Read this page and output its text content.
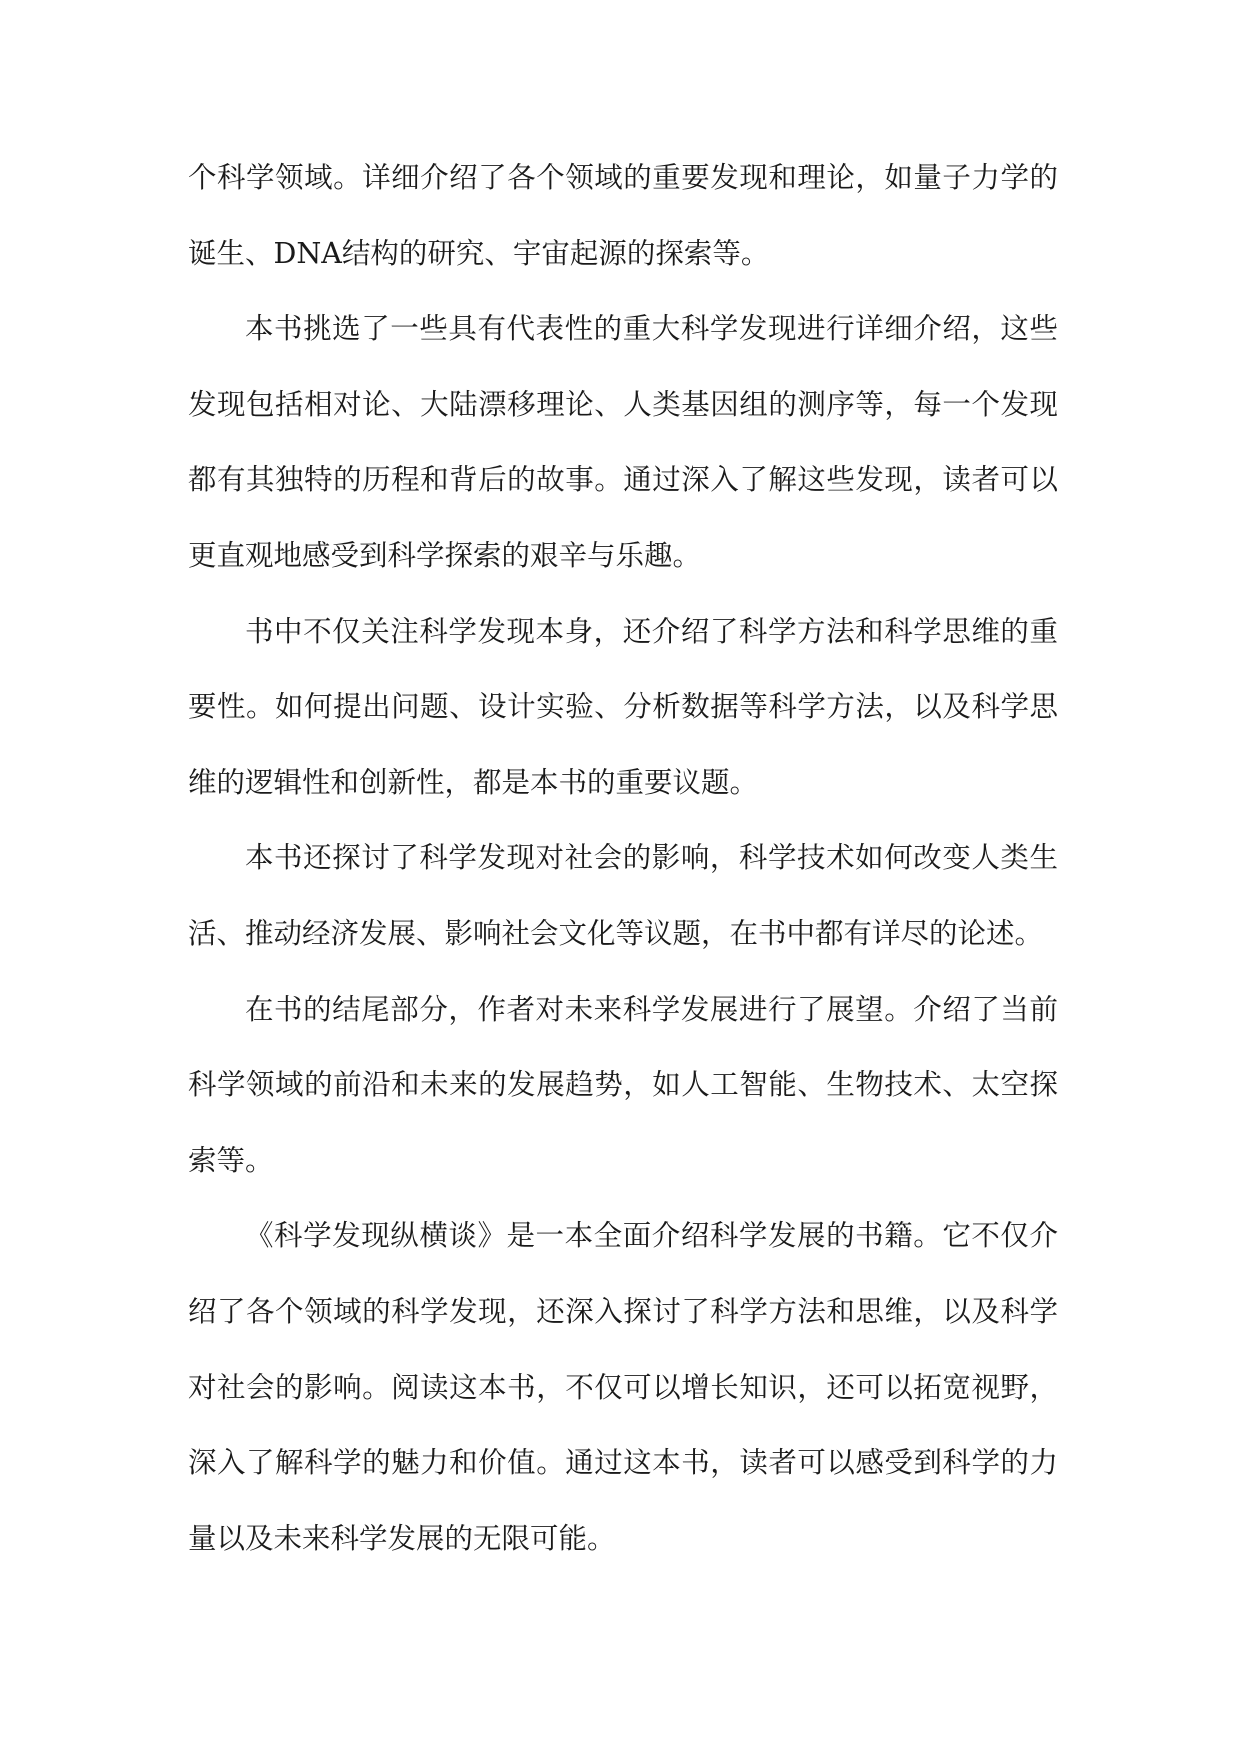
个科学领域。详细介绍了各个领域的重要发现和理论，如量子力学的诞生、DNA结构的研究、宇宙起源的探索等。

本书挑选了一些具有代表性的重大科学发现进行详细介绍，这些发现包括相对论、大陆漂移理论、人类基因组的测序等，每一个发现都有其独特的历程和背后的故事。通过深入了解这些发现，读者可以更直观地感受到科学探索的艰辛与乐趣。

书中不仅关注科学发现本身，还介绍了科学方法和科学思维的重要性。如何提出问题、设计实验、分析数据等科学方法，以及科学思维的逻辑性和创新性，都是本书的重要议题。

本书还探讨了科学发现对社会的影响，科学技术如何改变人类生活、推动经济发展、影响社会文化等议题，在书中都有详尽的论述。

在书的结尾部分，作者对未来科学发展进行了展望。介绍了当前科学领域的前沿和未来的发展趋势，如人工智能、生物技术、太空探索等。

《科学发现纵横谈》是一本全面介绍科学发展的书籍。它不仅介绍了各个领域的科学发现，还深入探讨了科学方法和思维，以及科学对社会的影响。阅读这本书，不仅可以增长知识，还可以拓宽视野，深入了解科学的魅力和价值。通过这本书，读者可以感受到科学的力量以及未来科学发展的无限可能。
